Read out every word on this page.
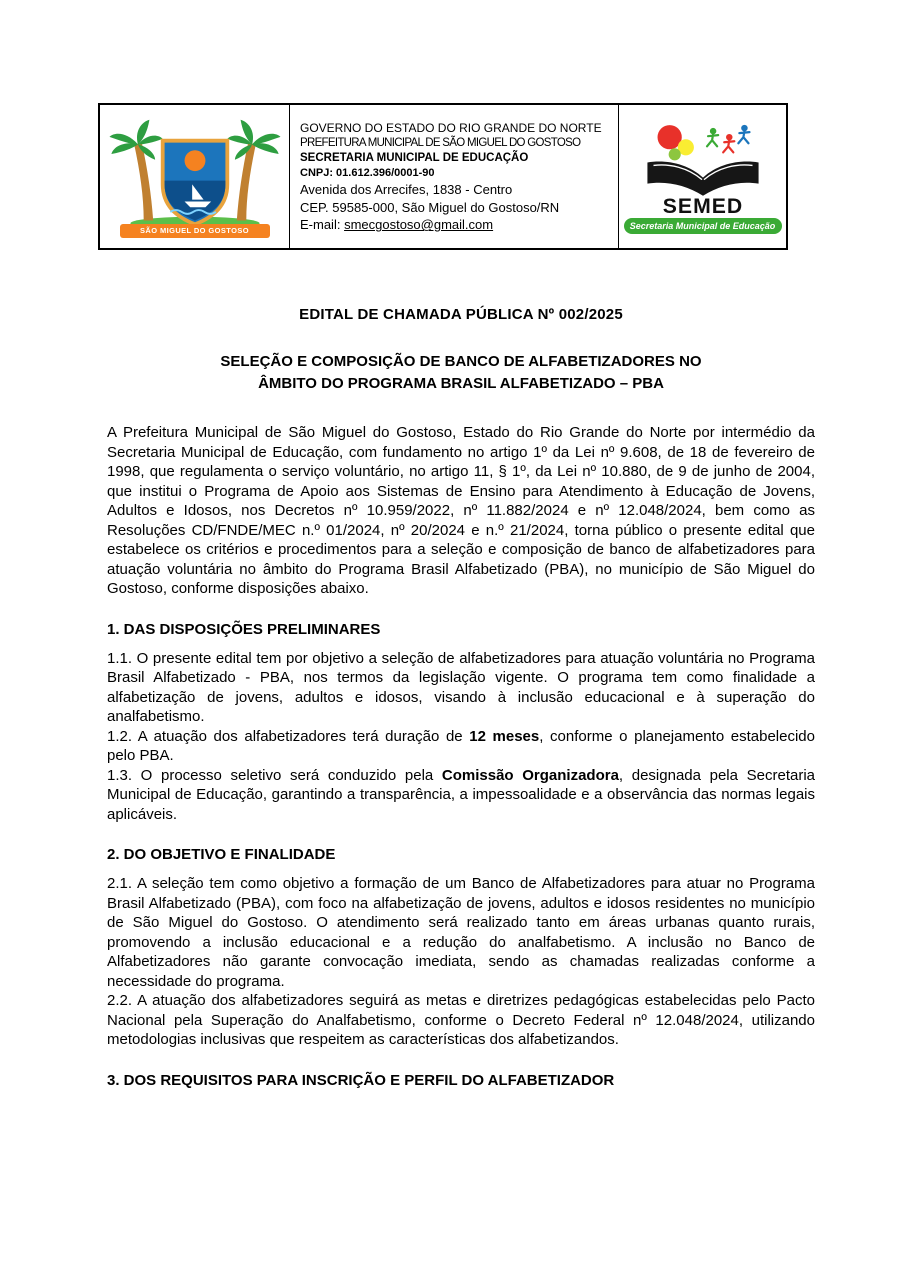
SÃO MIGUEL DO GOSTOSO
GOVERNO DO ESTADO DO RIO GRANDE DO NORTE
PREFEITURA MUNICIPAL DE SÃO MIGUEL DO GOSTOSO
SECRETARIA MUNICIPAL DE EDUCAÇÃO
CNPJ: 01.612.396/0001-90
Avenida dos Arrecifes, 1838 - Centro
CEP. 59585-000, São Miguel do Gostoso/RN
E-mail: smecgostoso@gmail.com
SEMED
Secretaria Municipal de Educação
EDITAL DE CHAMADA PÚBLICA Nº 002/2025
SELEÇÃO E COMPOSIÇÃO DE BANCO DE ALFABETIZADORES NO
ÂMBITO DO PROGRAMA BRASIL ALFABETIZADO – PBA

A Prefeitura Municipal de São Miguel do Gostoso, Estado do Rio Grande do Norte por intermédio da Secretaria Municipal de Educação, com fundamento no artigo 1º da Lei nº 9.608, de 18 de fevereiro de 1998, que regulamenta o serviço voluntário, no artigo 11, § 1º, da Lei nº 10.880, de 9 de junho de 2004, que institui o Programa de Apoio aos Sistemas de Ensino para Atendimento à Educação de Jovens, Adultos e Idosos, nos Decretos nº 10.959/2022, nº 11.882/2024 e nº 12.048/2024, bem como as Resoluções CD/FNDE/MEC n.º 01/2024, nº 20/2024 e n.º 21/2024, torna público o presente edital que estabelece os critérios e procedimentos para a seleção e composição de banco de alfabetizadores para atuação voluntária no âmbito do Programa Brasil Alfabetizado (PBA), no município de São Miguel do Gostoso, conforme disposições abaixo.

1. DAS DISPOSIÇÕES PRELIMINARES

1.1. O presente edital tem por objetivo a seleção de alfabetizadores para atuação voluntária no Programa Brasil Alfabetizado - PBA, nos termos da legislação vigente. O programa tem como finalidade a alfabetização de jovens, adultos e idosos, visando à inclusão educacional e à superação do analfabetismo.

1.2. A atuação dos alfabetizadores terá duração de 12 meses, conforme o planejamento estabelecido pelo PBA.

1.3. O processo seletivo será conduzido pela Comissão Organizadora, designada pela Secretaria Municipal de Educação, garantindo a transparência, a impessoalidade e a observância das normas legais aplicáveis.

2. DO OBJETIVO E FINALIDADE

2.1. A seleção tem como objetivo a formação de um Banco de Alfabetizadores para atuar no Programa Brasil Alfabetizado (PBA), com foco na alfabetização de jovens, adultos e idosos residentes no município de São Miguel do Gostoso. O atendimento será realizado tanto em áreas urbanas quanto rurais, promovendo a inclusão educacional e a redução do analfabetismo. A inclusão no Banco de Alfabetizadores não garante convocação imediata, sendo as chamadas realizadas conforme a necessidade do programa.

2.2. A atuação dos alfabetizadores seguirá as metas e diretrizes pedagógicas estabelecidas pelo Pacto Nacional pela Superação do Analfabetismo, conforme o Decreto Federal nº 12.048/2024, utilizando metodologias inclusivas que respeitem as características dos alfabetizandos.

3. DOS REQUISITOS PARA INSCRIÇÃO E PERFIL DO ALFABETIZADOR
